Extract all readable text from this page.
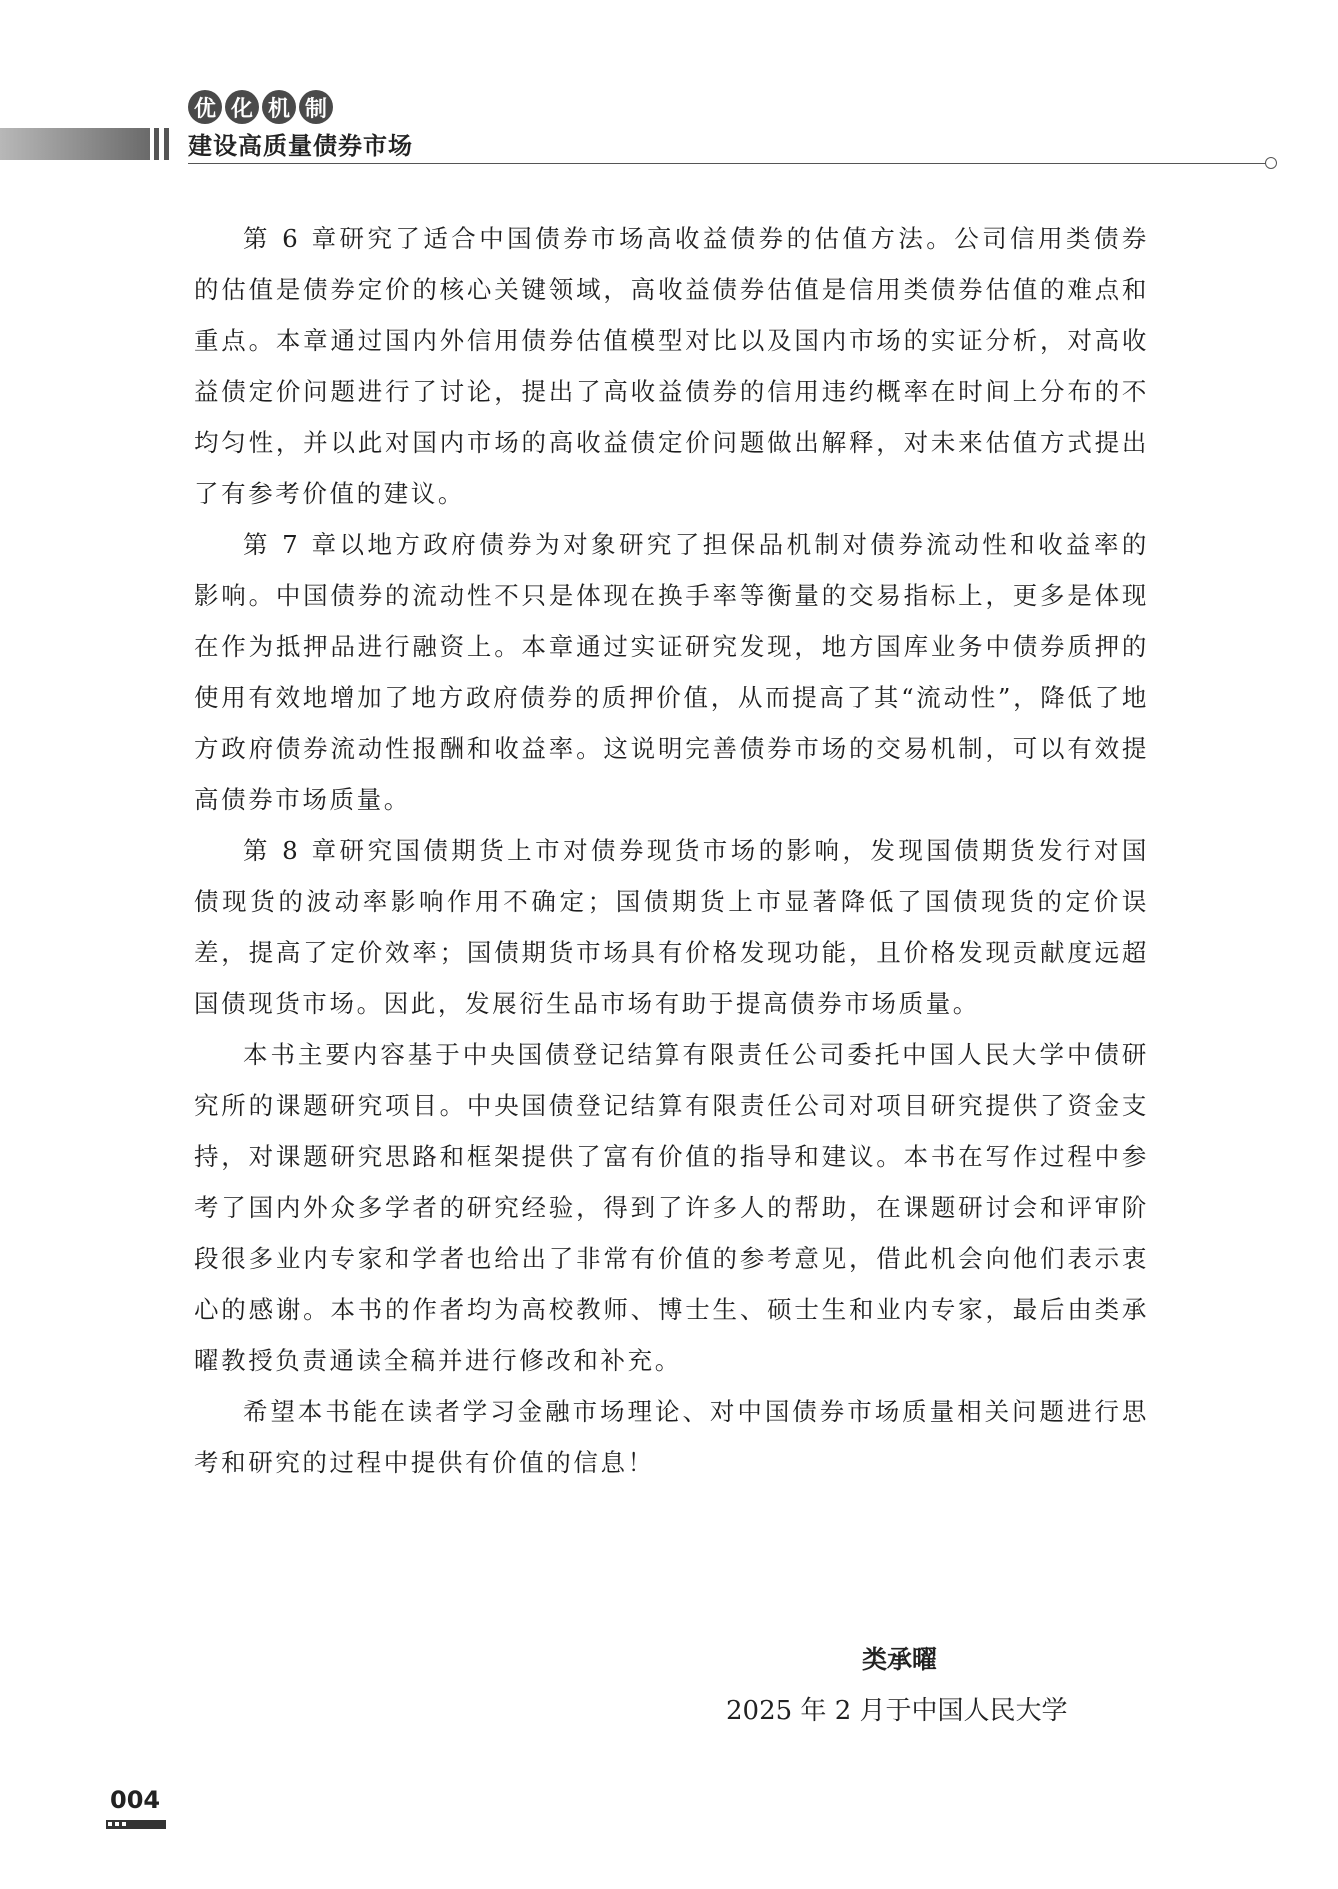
优 化 机 制
建设高质量债券市场

第 6 章研究了适合中国债券市场高收益债券的估值方法。公司信用类债券的估值是债券定价的核心关键领域，高收益债券估值是信用类债券估值的难点和重点。本章通过国内外信用债券估值模型对比以及国内市场的实证分析，对高收益债定价问题进行了讨论，提出了高收益债券的信用违约概率在时间上分布的不均匀性，并以此对国内市场的高收益债定价问题做出解释，对未来估值方式提出了有参考价值的建议。

第 7 章以地方政府债券为对象研究了担保品机制对债券流动性和收益率的影响。中国债券的流动性不只是体现在换手率等衡量的交易指标上，更多是体现在作为抵押品进行融资上。本章通过实证研究发现，地方国库业务中债券质押的使用有效地增加了地方政府债券的质押价值，从而提高了其“流动性”，降低了地方政府债券流动性报酬和收益率。这说明完善债券市场的交易机制，可以有效提高债券市场质量。

第 8 章研究国债期货上市对债券现货市场的影响，发现国债期货发行对国债现货的波动率影响作用不确定；国债期货上市显著降低了国债现货的定价误差，提高了定价效率；国债期货市场具有价格发现功能，且价格发现贡献度远超国债现货市场。因此，发展衍生品市场有助于提高债券市场质量。

本书主要内容基于中央国债登记结算有限责任公司委托中国人民大学中债研究所的课题研究项目。中央国债登记结算有限责任公司对项目研究提供了资金支持，对课题研究思路和框架提供了富有价值的指导和建议。本书在写作过程中参考了国内外众多学者的研究经验，得到了许多人的帮助，在课题研讨会和评审阶段很多业内专家和学者也给出了非常有价值的参考意见，借此机会向他们表示衷心的感谢。本书的作者均为高校教师、博士生、硕士生和业内专家，最后由类承曜教授负责通读全稿并进行修改和补充。

希望本书能在读者学习金融市场理论、对中国债券市场质量相关问题进行思考和研究的过程中提供有价值的信息！

类承曜
2025 年 2 月于中国人民大学
004
